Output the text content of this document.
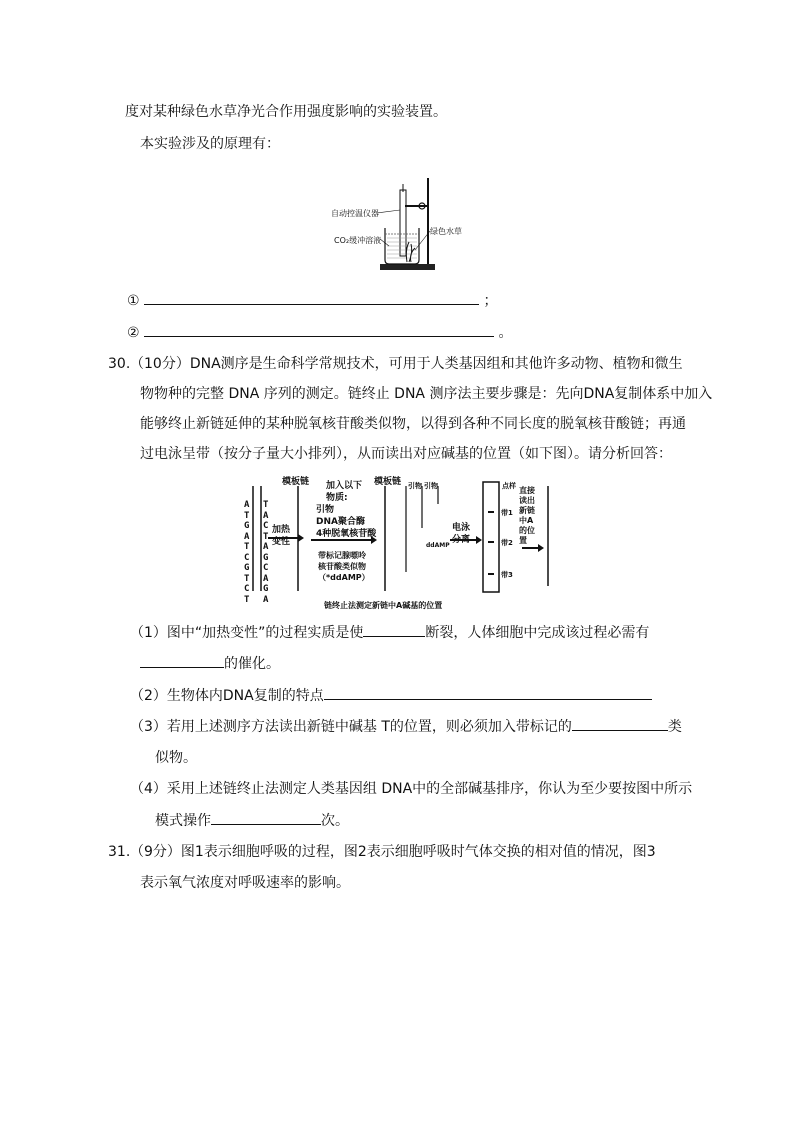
度对某种绿色水草净光合作用强度影响的实验装置。
本实验涉及的原理有：
自动控温仪器
CO₂缓冲溶液
绿色水草
①	；
②	。
30. （10分）DNA测序是生命科学常规技术，可用于人类基因组和其他许多动物、植物和微生
物物种的完整 DNA 序列的测定。链终止 DNA 测序法主要步骤是：先向DNA复制体系中加入
能够终止新链延伸的某种脱氧核苷酸类似物，以得到各种不同长度的脱氧核苷酸链；再通
过电泳呈带（按分子量大小排列），从而读出对应碱基的位置（如下图）。请分析回答：
A
T
G
A
T
C
G
T
C
T
T
A
C
T
A
G
C
A
G
A
模板链
加热变性
加入以下物质:
引物
DNA聚合酶
4种脱氧核苷酸
带标记腺嘌呤核苷酸类似物（*ddAMP）
模板链 引物 引物
ddAMP
电泳分离
点样
带1
带2
带3
直接读出新链中A的位置
链终止法测定新链中A碱基的位置
（1）图中“加热变性”的过程实质是使	断裂，人体细胞中完成该过程必需有
的催化。
（2）生物体内DNA复制的特点
（3）若用上述测序方法读出新链中碱基 T的位置，则必须加入带标记的	类
似物。
（4）采用上述链终止法测定人类基因组 DNA中的全部碱基排序，你认为至少要按图中所示
模式操作	次。
31. （9分）图1表示细胞呼吸的过程，图2表示细胞呼吸时气体交换的相对值的情况，图3
表示氧气浓度对呼吸速率的影响。
